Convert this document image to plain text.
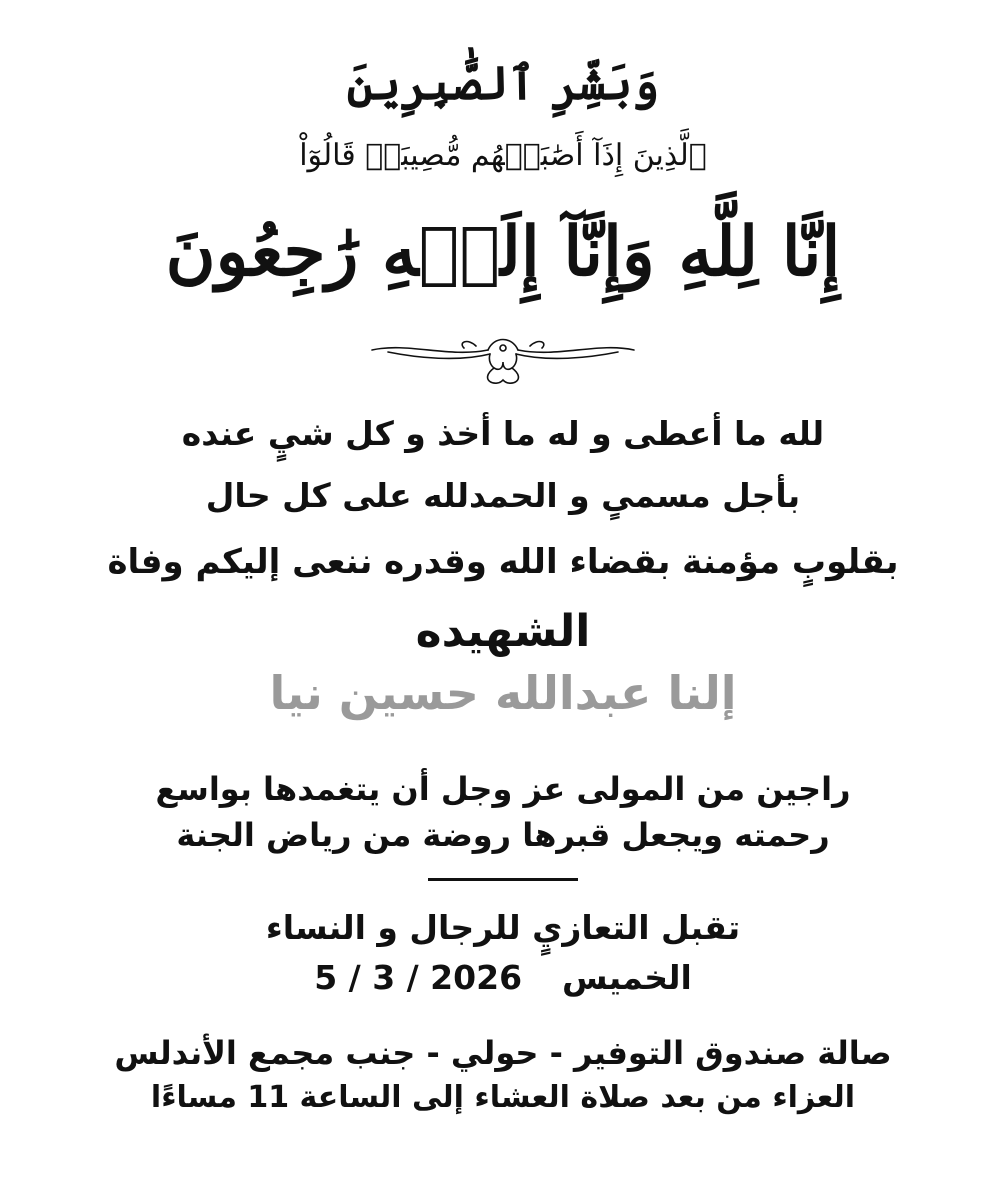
وَبَشِّرِ ٱلصَّٰبِرِينَ
ٱلَّذِينَ إِذَآ أَصَٰبَتۡهُم مُّصِيبَةٞ قَالُوٓاْ
إِنَّا لِلَّهِ وَإِنَّآ إِلَيۡهِ رَٰجِعُونَ
لله ما أعطى و له ما أخذ و كل شيٍ عنده
بأجل مسمىٍ و الحمدلله على كل حال
بقلوبٍ مؤمنة بقضاء الله وقدره ننعى إليكم وفاة
الشهيده
إلنا عبدالله حسين نيا
راجين من المولى عز وجل أن يتغمدها بواسع
رحمته ويجعل قبرها روضة من رياض الجنة
تقبل التعازيٍ للرجال و النساء
الخميس5 / 3 / 2026
صالة صندوق التوفير - حولي - جنب مجمع الأندلس
العزاء من بعد صلاة العشاء إلى الساعة 11 مساءًا
